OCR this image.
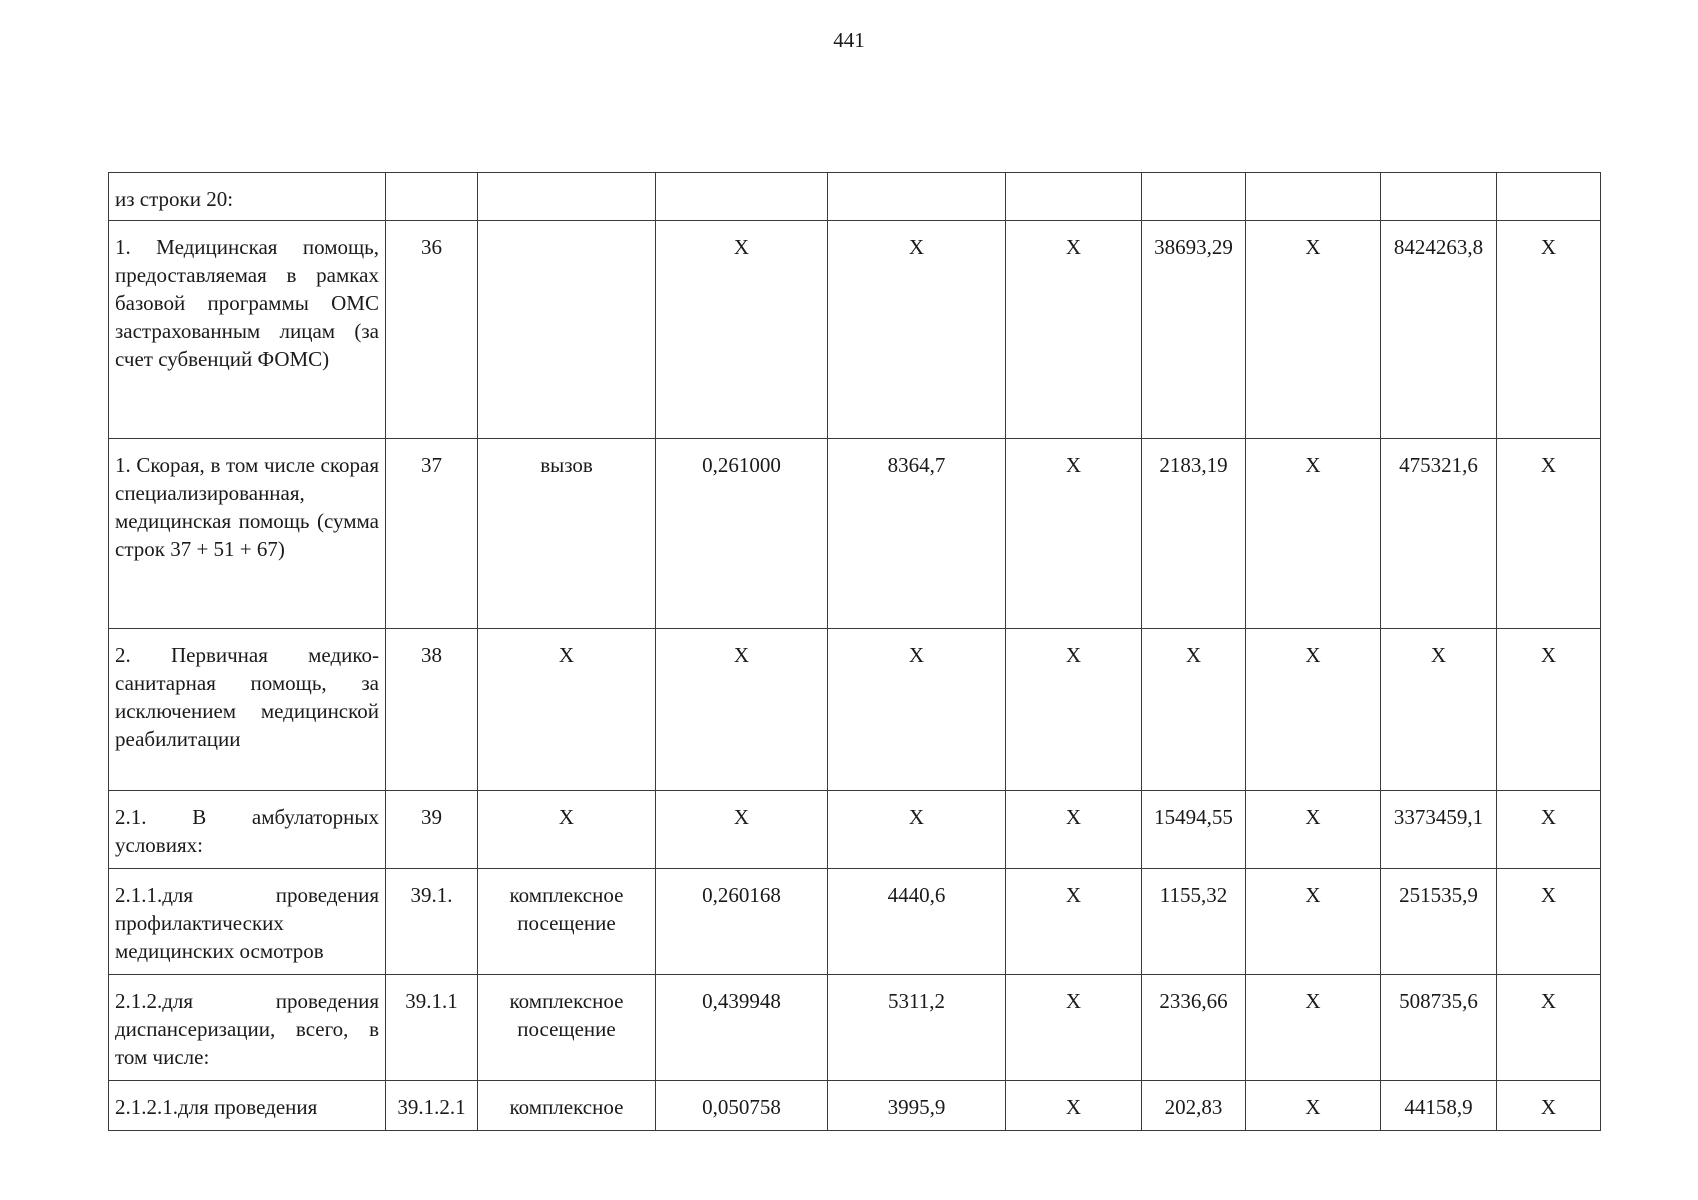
441
из строки 20:									
1. Медицинская помощь, предоставляемая в рамках базовой программы ОМС застрахованным лицам (за счет субвенций ФОМС)	36		Х	Х	Х	38693,29	Х	8424263,8	Х
1. Скорая, в том числе скорая специализированная, медицинская помощь (сумма строк 37 + 51 + 67)	37	вызов	0,261000	8364,7	Х	2183,19	Х	475321,6	Х
2. Первичная медико-санитарная помощь, за исключением медицинской реабилитации	38	Х	Х	Х	Х	Х	Х	Х	Х
2.1. В амбулаторных условиях:	39	Х	Х	Х	Х	15494,55	Х	3373459,1	Х
2.1.1.для проведения профилактических медицинских осмотров	39.1.	комплексное посещение	0,260168	4440,6	Х	1155,32	Х	251535,9	Х
2.1.2.для проведения диспансеризации, всего, в том числе:	39.1.1	комплексное посещение	0,439948	5311,2	Х	2336,66	Х	508735,6	Х
2.1.2.1.для проведения	39.1.2.1	комплексное	0,050758	3995,9	Х	202,83	Х	44158,9	Х
